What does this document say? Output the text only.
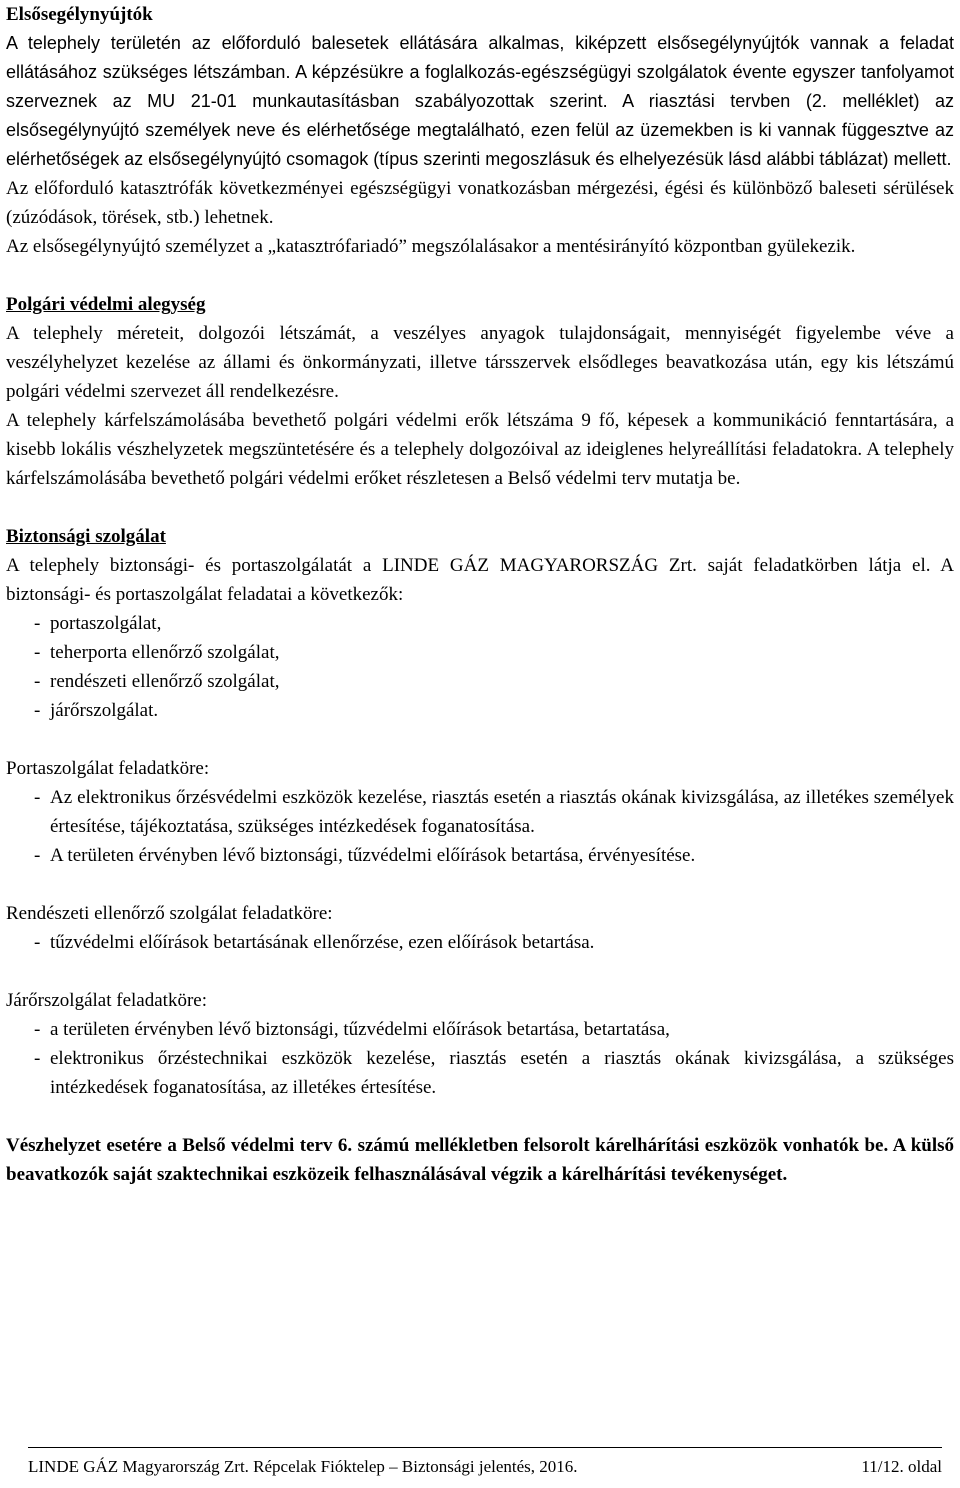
Elsősegélynyújtók

A telephely területén az előforduló balesetek ellátására alkalmas, kiképzett elsősegélynyújtók vannak a feladat ellátásához szükséges létszámban. A képzésükre a foglalkozás-egészségügyi szolgálatok évente egyszer tanfolyamot szerveznek az MU 21-01 munkautasításban szabályozottak szerint. A riasztási tervben (2. melléklet) az elsősegélynyújtó személyek neve és elérhetősége megtalálható, ezen felül az üzemekben is ki vannak függesztve az elérhetőségek az elsősegélynyújtó csomagok (típus szerinti megoszlásuk és elhelyezésük lásd alábbi táblázat) mellett.

Az előforduló katasztrófák következményei egészségügyi vonatkozásban mérgezési, égési és különböző baleseti sérülések (zúzódások, törések, stb.) lehetnek.

Az elsősegélynyújtó személyzet a „katasztrófariadó” megszólalásakor a mentésirányító központban gyülekezik.

Polgári védelmi alegység

A telephely méreteit, dolgozói létszámát, a veszélyes anyagok tulajdonságait, mennyiségét figyelembe véve a veszélyhelyzet kezelése az állami és önkormányzati, illetve társszervek elsődleges beavatkozása után, egy kis létszámú polgári védelmi szervezet áll rendelkezésre.

A telephely kárfelszámolásába bevethető polgári védelmi erők létszáma 9 fő, képesek a kommunikáció fenntartására, a kisebb lokális vészhelyzetek megszüntetésére és a telephely dolgozóival az ideiglenes helyreállítási feladatokra. A telephely kárfelszámolásába bevethető polgári védelmi erőket részletesen a Belső védelmi terv mutatja be.

Biztonsági szolgálat

A telephely biztonsági- és portaszolgálatát a LINDE GÁZ MAGYARORSZÁG Zrt. saját feladatkörben látja el. A biztonsági- és portaszolgálat feladatai a következők:

- portaszolgálat,
- teherporta ellenőrző szolgálat,
- rendészeti ellenőrző szolgálat,
- járőrszolgálat.

Portaszolgálat feladatköre:

- Az elektronikus őrzésvédelmi eszközök kezelése, riasztás esetén a riasztás okának kivizsgálása, az illetékes személyek értesítése, tájékoztatása, szükséges intézkedések foganatosítása.
- A területen érvényben lévő biztonsági, tűzvédelmi előírások betartása, érvényesítése.

Rendészeti ellenőrző szolgálat feladatköre:

- tűzvédelmi előírások betartásának ellenőrzése, ezen előírások betartása.

Járőrszolgálat feladatköre:

- a területen érvényben lévő biztonsági, tűzvédelmi előírások betartása, betartatása,
- elektronikus őrzéstechnikai eszközök kezelése, riasztás esetén a riasztás okának kivizsgálása, a szükséges intézkedések foganatosítása, az illetékes értesítése.

Vészhelyzet esetére a Belső védelmi terv 6. számú mellékletben felsorolt kárelhárítási eszközök vonhatók be. A külső beavatkozók saját szaktechnikai eszközeik felhasználásával végzik a kárelhárítási tevékenységet.

LINDE GÁZ Magyarország Zrt. Répcelak Fióktelep – Biztonsági jelentés, 2016.	11/12. oldal
